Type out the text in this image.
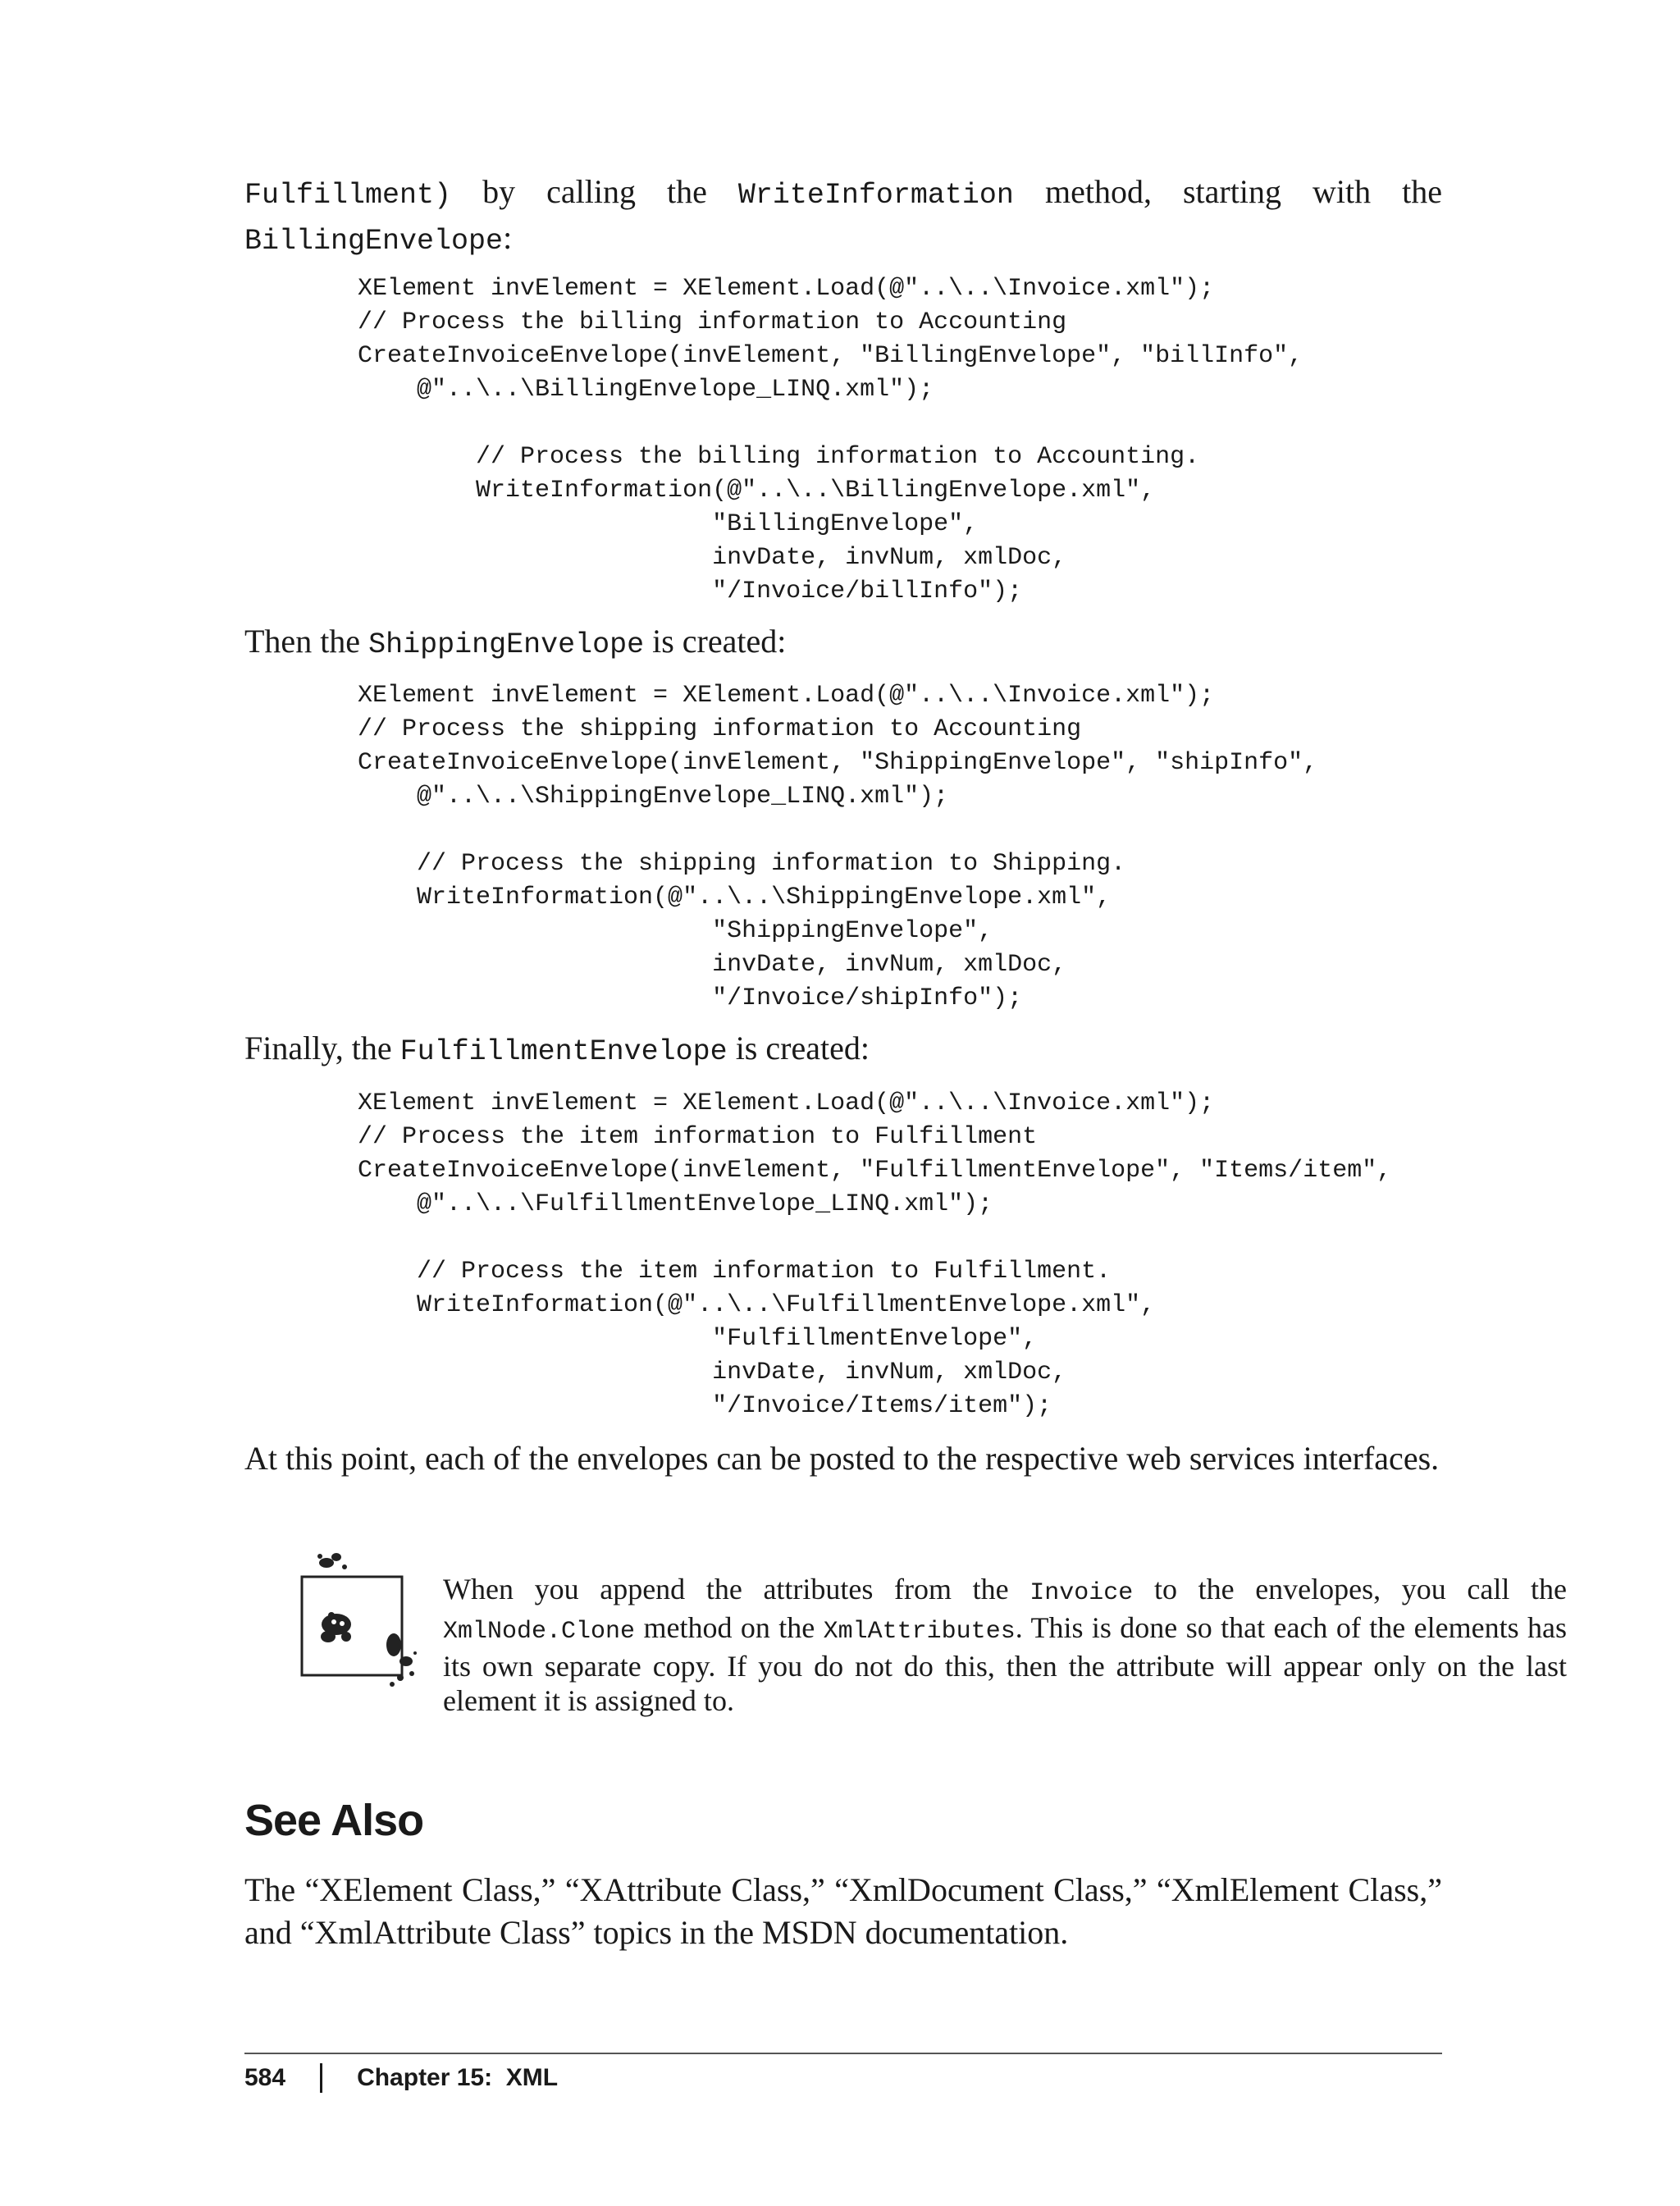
Fulfillment) by calling the WriteInformation method, starting with the BillingEnvelope:

XElement invElement = XElement.Load(@"..\..\Invoice.xml");
// Process the billing information to Accounting
CreateInvoiceEnvelope(invElement, "BillingEnvelope", "billInfo",
@"..\..\BillingEnvelope_LINQ.xml");

// Process the billing information to Accounting.
WriteInformation(@"..\..\BillingEnvelope.xml",
"BillingEnvelope",
invDate, invNum, xmlDoc,
"/Invoice/billInfo");

Then the ShippingEnvelope is created:

XElement invElement = XElement.Load(@"..\..\Invoice.xml");
// Process the shipping information to Accounting
CreateInvoiceEnvelope(invElement, "ShippingEnvelope", "shipInfo",
@"..\..\ShippingEnvelope_LINQ.xml");

// Process the shipping information to Shipping.
WriteInformation(@"..\..\ShippingEnvelope.xml",
"ShippingEnvelope",
invDate, invNum, xmlDoc,
"/Invoice/shipInfo");

Finally, the FulfillmentEnvelope is created:

XElement invElement = XElement.Load(@"..\..\Invoice.xml");
// Process the item information to Fulfillment
CreateInvoiceEnvelope(invElement, "FulfillmentEnvelope", "Items/item",
@"..\..\FulfillmentEnvelope_LINQ.xml");

// Process the item information to Fulfillment.
WriteInformation(@"..\..\FulfillmentEnvelope.xml",
"FulfillmentEnvelope",
invDate, invNum, xmlDoc,
"/Invoice/Items/item");

At this point, each of the envelopes can be posted to the respective web services interfaces.

When you append the attributes from the Invoice to the envelopes, you call the XmlNode.Clone method on the XmlAttributes. This is done so that each of the elements has its own separate copy. If you do not do this, then the attribute will appear only on the last element it is assigned to.

See Also

The “XElement Class,” “XAttribute Class,” “XmlDocument Class,” “XmlElement Class,” and “XmlAttribute Class” topics in the MSDN documentation.

584	Chapter 15:  XML
